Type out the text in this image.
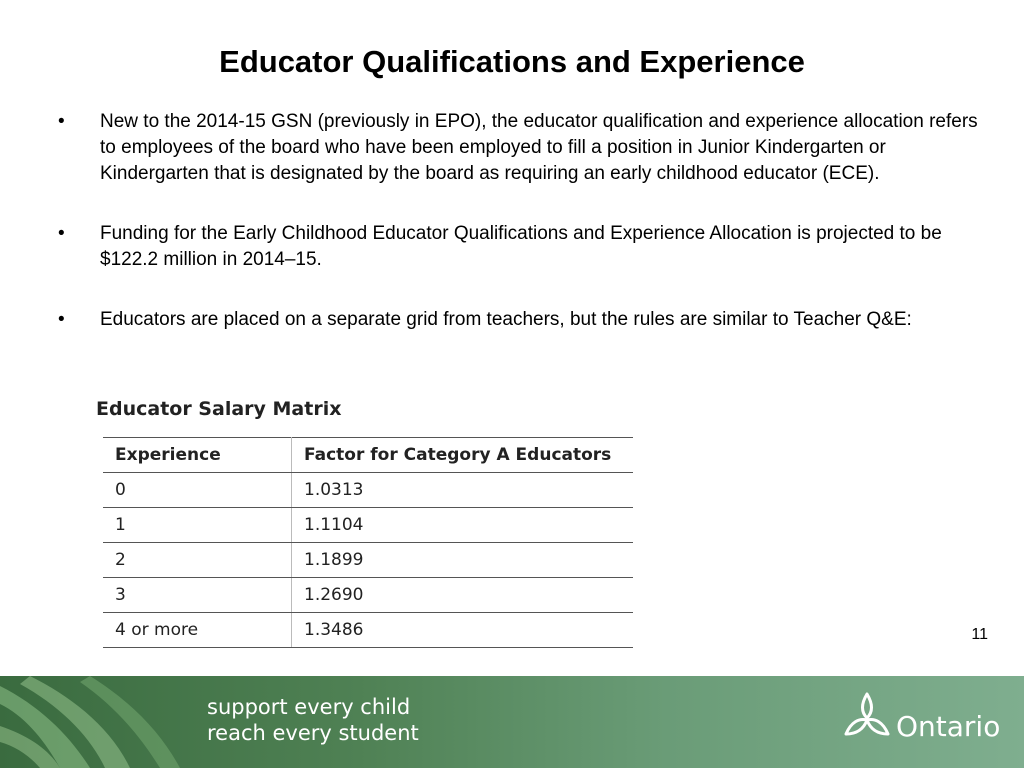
Educator Qualifications and Experience
• New to the 2014-15 GSN (previously in EPO), the educator qualification and experience allocation refers to employees of the board who have been employed to fill a position in Junior Kindergarten or Kindergarten that is designated by the board as requiring an early childhood educator (ECE).
• Funding for the Early Childhood Educator Qualifications and Experience Allocation is projected to be $122.2 million in 2014–15.
• Educators are placed on a separate grid from teachers, but the rules are similar to Teacher Q&E:
Educator Salary Matrix
Experience	Factor for Category A Educators
0	1.0313
1	1.1104
2	1.1899
3	1.2690
4 or more	1.3486	11
support every child
reach every student	Ontario
